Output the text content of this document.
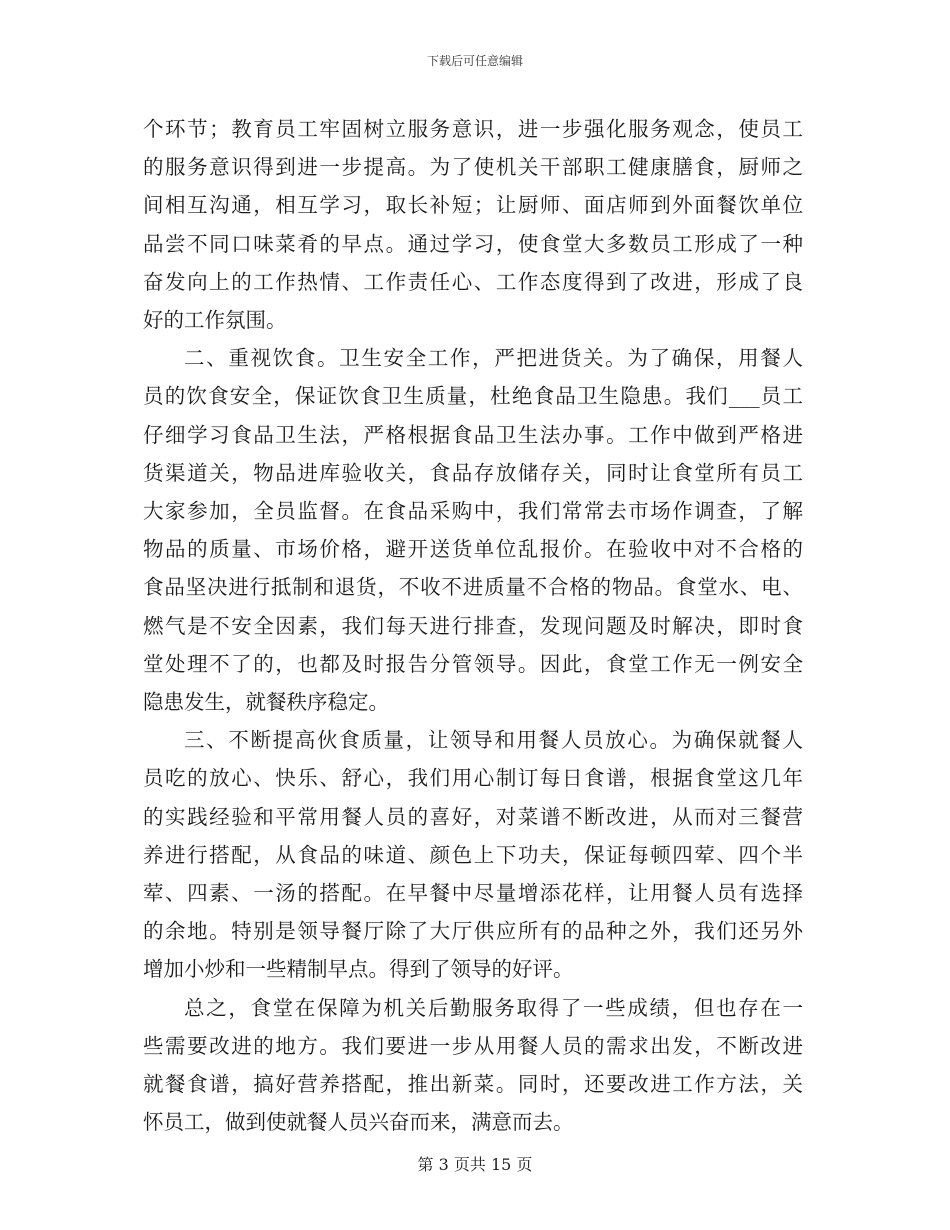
下载后可任意编辑

个环节；教育员工牢固树立服务意识，进一步强化服务观念，使员工
的服务意识得到进一步提高。为了使机关干部职工健康膳食，厨师之
间相互沟通，相互学习，取长补短；让厨师、面店师到外面餐饮单位
品尝不同口味菜肴的早点。通过学习，使食堂大多数员工形成了一种
奋发向上的工作热情、工作责任心、工作态度得到了改进，形成了良
好的工作氛围。

二、重视饮食。卫生安全工作，严把进货关。为了确保，用餐人
员的饮食安全，保证饮食卫生质量，杜绝食品卫生隐患。我们___员工
仔细学习食品卫生法，严格根据食品卫生法办事。工作中做到严格进
货渠道关，物品进库验收关，食品存放储存关，同时让食堂所有员工
大家参加，全员监督。在食品采购中，我们常常去市场作调查，了解
物品的质量、市场价格，避开送货单位乱报价。在验收中对不合格的
食品坚决进行抵制和退货，不收不进质量不合格的物品。食堂水、电、
燃气是不安全因素，我们每天进行排查，发现问题及时解决，即时食
堂处理不了的，也都及时报告分管领导。因此，食堂工作无一例安全
隐患发生，就餐秩序稳定。

三、不断提高伙食质量，让领导和用餐人员放心。为确保就餐人
员吃的放心、快乐、舒心，我们用心制订每日食谱，根据食堂这几年
的实践经验和平常用餐人员的喜好，对菜谱不断改进，从而对三餐营
养进行搭配，从食品的味道、颜色上下功夫，保证每顿四荤、四个半
荤、四素、一汤的搭配。在早餐中尽量增添花样，让用餐人员有选择
的余地。特别是领导餐厅除了大厅供应所有的品种之外，我们还另外
增加小炒和一些精制早点。得到了领导的好评。

总之，食堂在保障为机关后勤服务取得了一些成绩，但也存在一
些需要改进的地方。我们要进一步从用餐人员的需求出发，不断改进
就餐食谱，搞好营养搭配，推出新菜。同时，还要改进工作方法，关
怀员工，做到使就餐人员兴奋而来，满意而去。

第 3 页共 15 页
